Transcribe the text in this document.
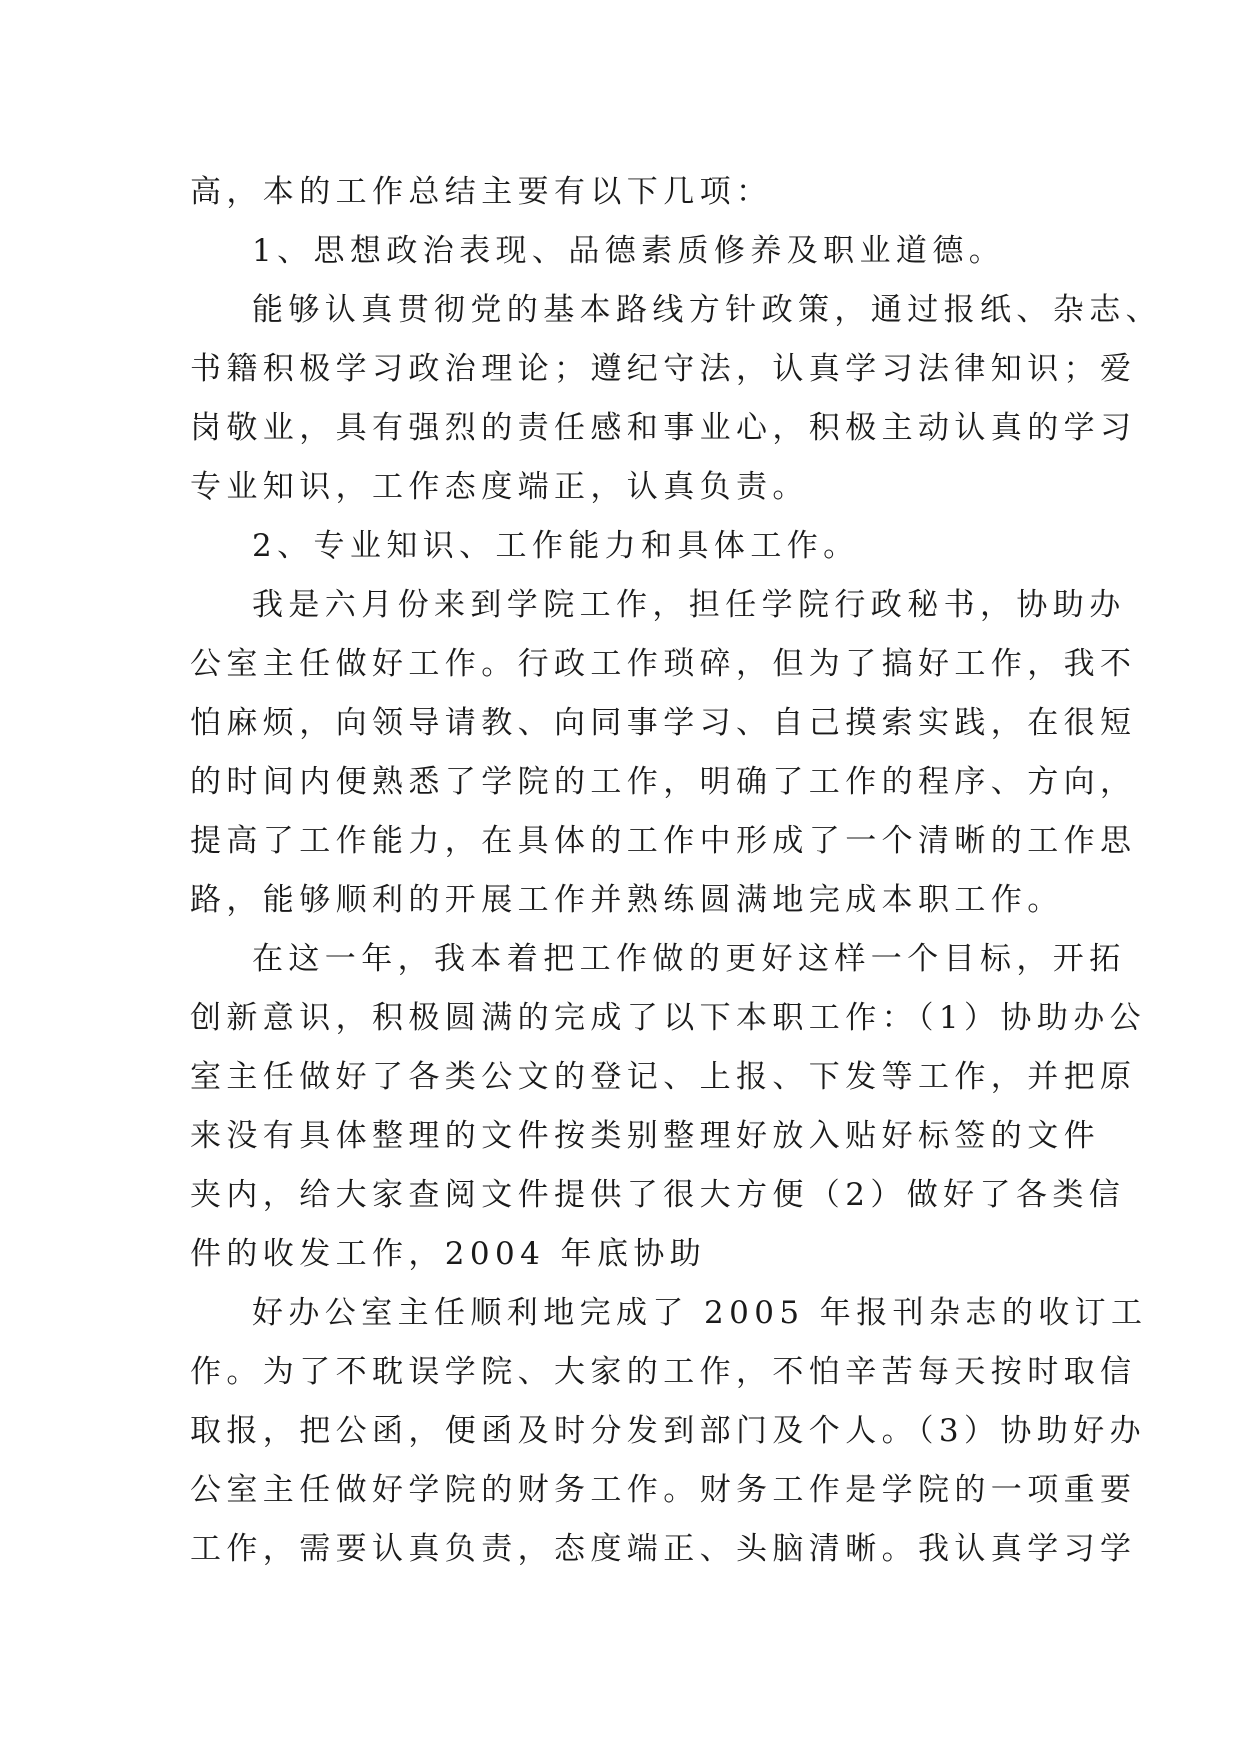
高，本的工作总结主要有以下几项：
1、思想政治表现、品德素质修养及职业道德。
能够认真贯彻党的基本路线方针政策，通过报纸、杂志、
书籍积极学习政治理论；遵纪守法，认真学习法律知识；爱
岗敬业，具有强烈的责任感和事业心，积极主动认真的学习
专业知识，工作态度端正，认真负责。
2、专业知识、工作能力和具体工作。
我是六月份来到学院工作，担任学院行政秘书，协助办
公室主任做好工作。行政工作琐碎，但为了搞好工作，我不
怕麻烦，向领导请教、向同事学习、自己摸索实践，在很短
的时间内便熟悉了学院的工作，明确了工作的程序、方向，
提高了工作能力，在具体的工作中形成了一个清晰的工作思
路，能够顺利的开展工作并熟练圆满地完成本职工作。
在这一年，我本着把工作做的更好这样一个目标，开拓
创新意识，积极圆满的完成了以下本职工作：（1）协助办公
室主任做好了各类公文的登记、上报、下发等工作，并把原
来没有具体整理的文件按类别整理好放入贴好标签的文件
夹内，给大家查阅文件提供了很大方便（2）做好了各类信
件的收发工作，2004 年底协助
好办公室主任顺利地完成了 2005 年报刊杂志的收订工
作。为了不耽误学院、大家的工作，不怕辛苦每天按时取信
取报，把公函，便函及时分发到部门及个人。（3）协助好办
公室主任做好学院的财务工作。财务工作是学院的一项重要
工作，需要认真负责，态度端正、头脑清晰。我认真学习学
